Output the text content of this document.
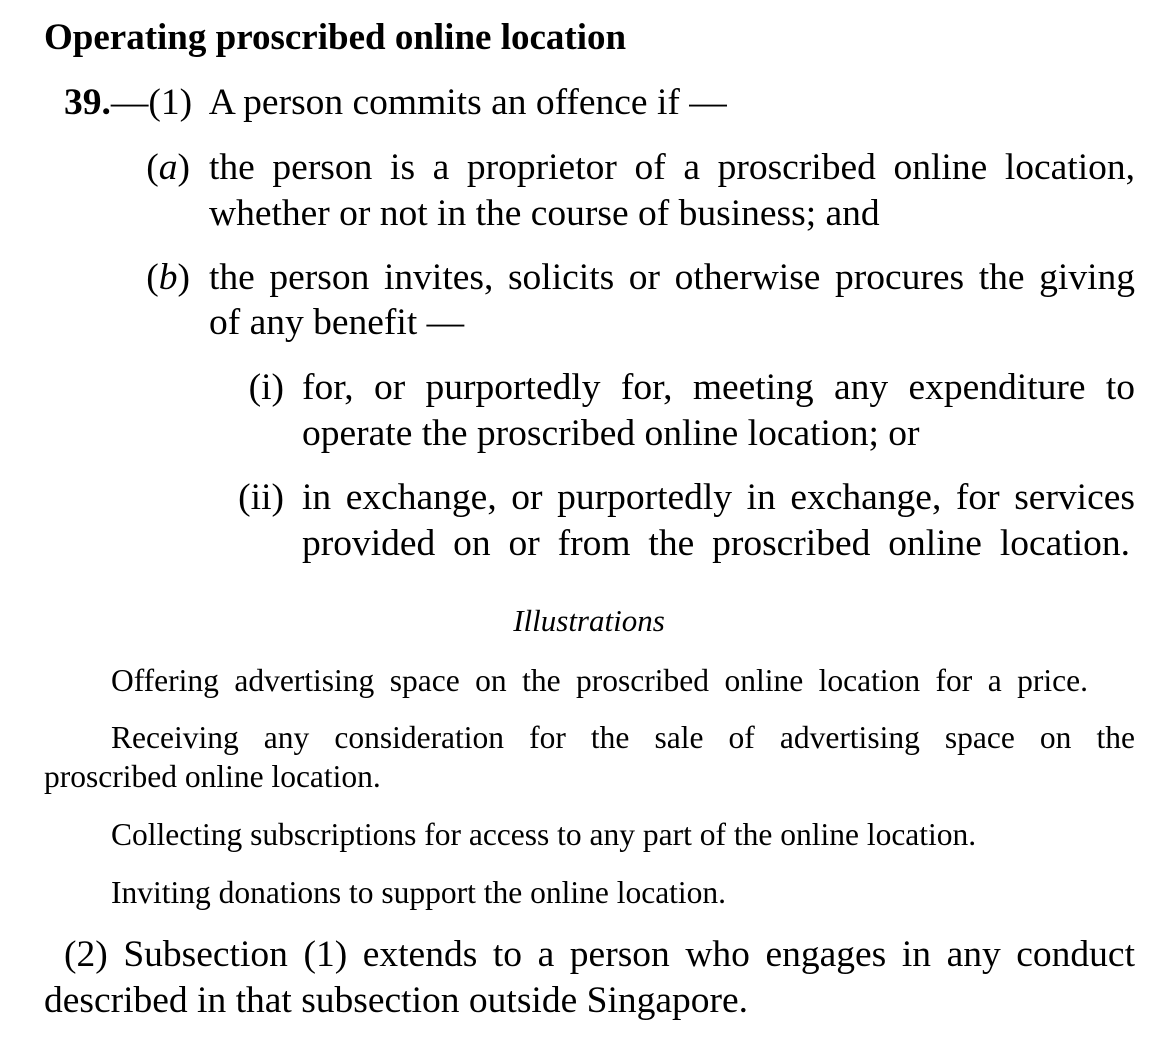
Operating proscribed online location
39.—(1) A person commits an offence if —
(a) the person is a proprietor of a proscribed online location,
whether or not in the course of business; and
(b) the person invites, solicits or otherwise procures the giving
of any benefit —
(i) for, or purportedly for, meeting any expenditure to
operate the proscribed online location; or
(ii) in exchange, or purportedly in exchange, for services
provided on or from the proscribed online location.
Illustrations
Offering advertising space on the proscribed online location for a price.
Receiving any consideration for the sale of advertising space on the
proscribed online location.
Collecting subscriptions for access to any part of the online location.
Inviting donations to support the online location.
(2) Subsection (1) extends to a person who engages in any conduct
described in that subsection outside Singapore.
